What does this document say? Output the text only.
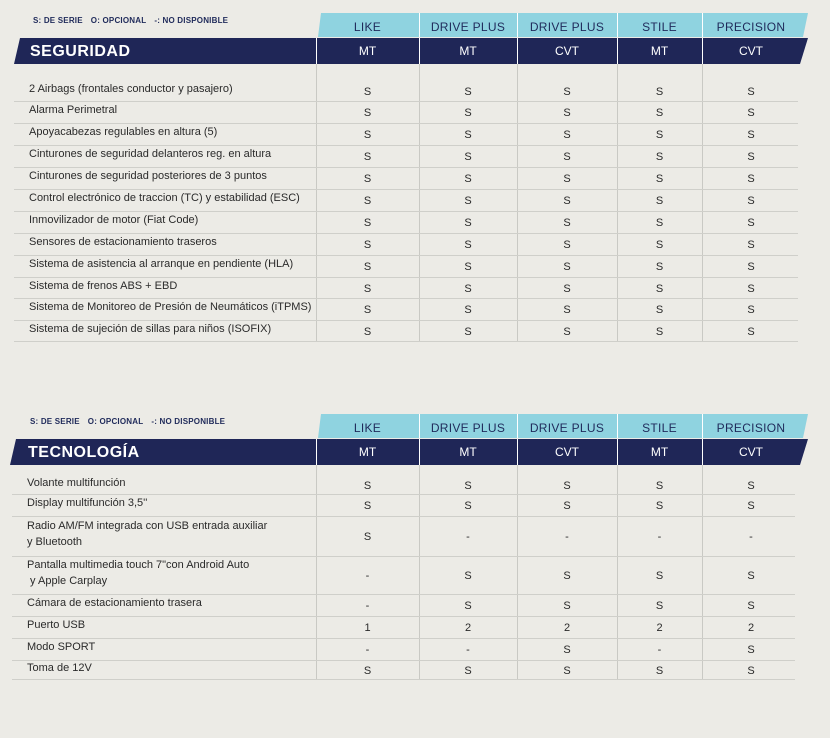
S: DE SERIE O: OPCIONAL -: NO DISPONIBLE	LIKE	DRIVE PLUS	DRIVE PLUS	STILE	PRECISION
SEGURIDAD	MT	MT	CVT	MT	CVT
2 Airbags (frontales conductor y pasajero)	S	S	S	S	S
Alarma Perimetral	S	S	S	S	S
Apoyacabezas regulables en altura (5)	S	S	S	S	S
Cinturones de seguridad delanteros reg. en altura	S	S	S	S	S
Cinturones de seguridad posteriores de 3 puntos	S	S	S	S	S
Control electrónico de traccion (TC) y estabilidad (ESC)	S	S	S	S	S
Inmovilizador de motor (Fiat Code)	S	S	S	S	S
Sensores de estacionamiento traseros	S	S	S	S	S
Sistema de asistencia al arranque en pendiente (HLA)	S	S	S	S	S
Sistema de frenos ABS + EBD	S	S	S	S	S
Sistema de Monitoreo de Presión de Neumáticos (iTPMS)	S	S	S	S	S
Sistema de sujeción de sillas para niños (ISOFIX)	S	S	S	S	S
S: DE SERIE O: OPCIONAL -: NO DISPONIBLE	LIKE	DRIVE PLUS	DRIVE PLUS	STILE	PRECISION
TECNOLOGÍA	MT	MT	CVT	MT	CVT
Volante multifunción	S	S	S	S	S
Display multifunción 3,5''	S	S	S	S	S
Radio AM/FM integrada con USB entrada auxiliar
y Bluetooth	S	-	-	-	-
Pantalla multimedia touch 7"con Android Auto
y Apple Carplay	-	S	S	S	S
Cámara de estacionamiento trasera	-	S	S	S	S
Puerto USB	1	2	2	2	2
Modo SPORT	-	-	S	-	S
Toma de 12V	S	S	S	S	S
